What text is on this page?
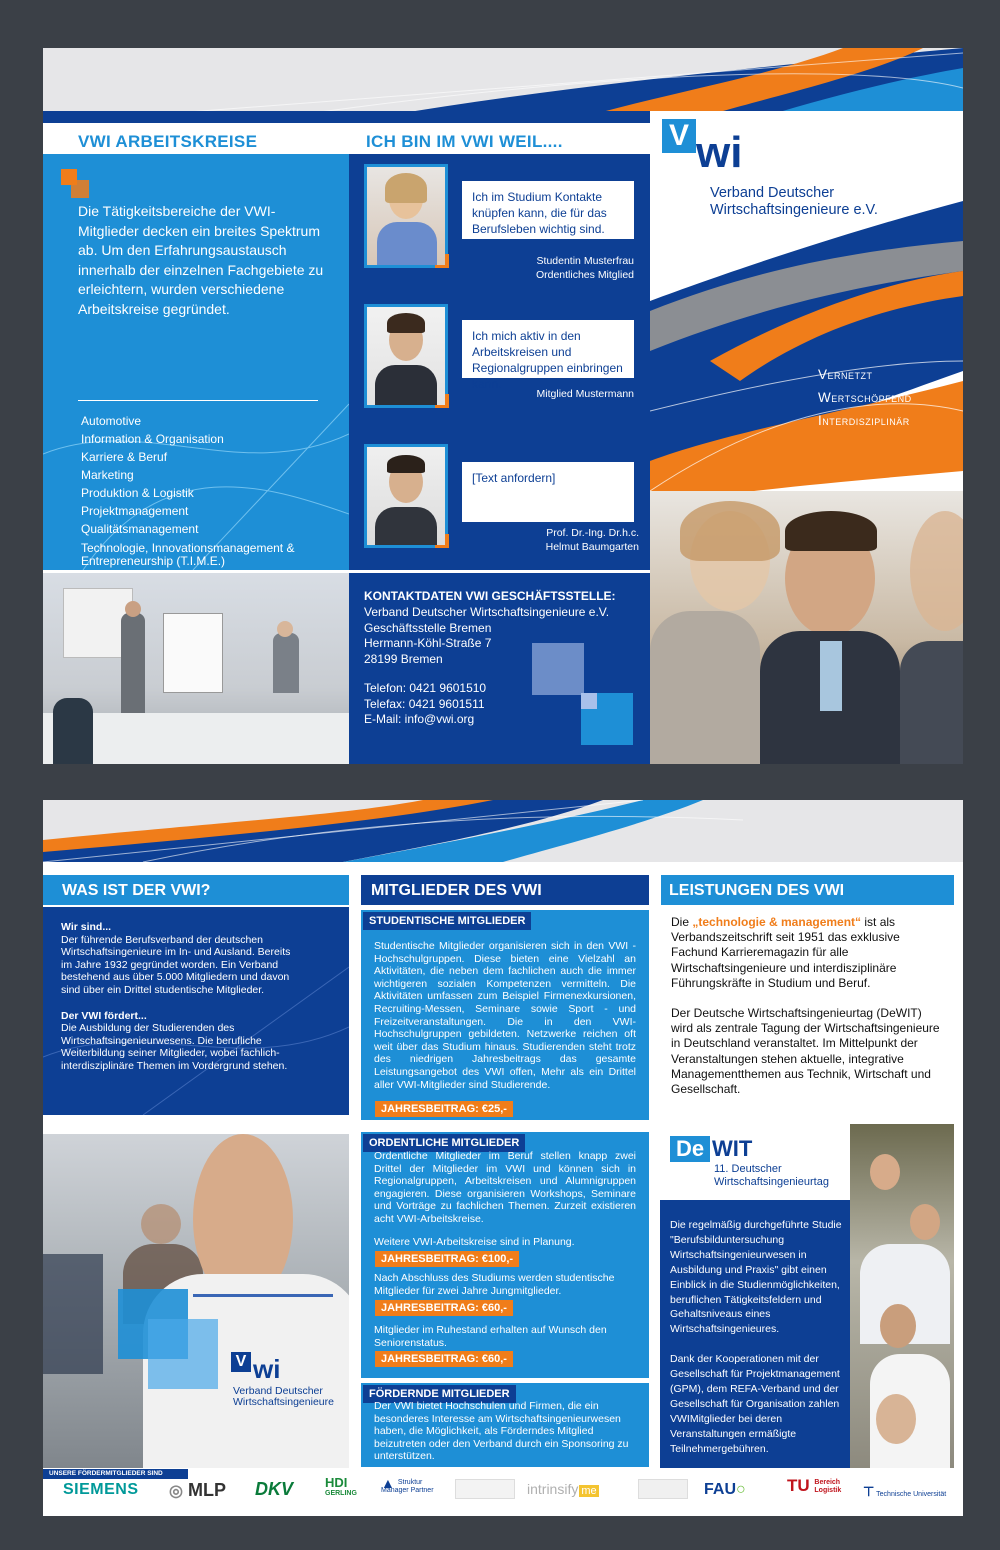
VWI ARBEITSKREISE

Die Tätigkeitsbereiche der VWI-Mitglieder decken ein breites Spektrum ab. Um den Erfahrungsaustausch innerhalb der einzelnen Fachgebiete zu erleichtern, wurden verschiedene Arbeitskreise gegründet.

Automotive
Information & Organisation
Karriere & Beruf
Marketing
Produktion & Logistik
Projektmanagement
Qualitätsmanagement
Technologie, Innovationsmanagement & Entrepreneurship (T.I.M.E.)
ICH BIN IM VWI WEIL....
Ich im Studium Kontakte knüpfen kann, die für das Berufsleben wichtig sind.
Studentin Musterfrau
Ordentliches Mitglied
Ich mich aktiv in den Arbeitskreisen und Regionalgruppen einbringen kann.
Mitglied Mustermann
[Text anfordern]
Prof. Dr.-Ing. Dr.h.c.
Helmut Baumgarten
KONTAKTDATEN VWI GESCHÄFTSSTELLE:
Verband Deutscher Wirtschaftsingenieure e.V.
Geschäftsstelle Bremen
Hermann-Köhl-Straße 7
28199 Bremen
Telefon: 0421 9601510
Telefax: 0421 9601511
E-Mail: info@vwi.org
V wi
Verband Deutscher
Wirtschaftsingenieure e.V.
Vernetzt
Wertschöpfend
Interdisziplinär
WAS IST DER VWI?
Wir sind...
Der führende Berufsverband der deutschen Wirtschaftsingenieure im In- und Ausland. Bereits im Jahre 1932 gegründet worden. Ein Verband bestehend aus über 5.000 Mitgliedern und davon sind über ein Drittel studentische Mitglieder.
Der VWI fördert...
Die Ausbildung der Studierenden des Wirtschaftsingenieurwesens. Die berufliche Weiterbildung seiner Mitglieder, wobei fachlich-interdisziplinäre Themen im Vordergrund stehen.
V wi
Verband Deutscher
Wirtschaftsingenieure
MITGLIEDER DES VWI
STUDENTISCHE MITGLIEDER
Studentische Mitglieder organisieren sich in den VWI - Hochschulgruppen. Diese bieten eine Vielzahl an Aktivitäten, die neben dem fachlichen auch die immer wichtigeren sozialen Kompetenzen vermitteln. Die Aktivitäten umfassen zum Beispiel Firmenexkursionen, Recruiting-Messen, Seminare sowie Sport - und Freizeitveranstaltungen. Die in den VWI-Hochschulgruppen gebildeten. Netzwerke reichen oft weit über das Studium hinaus. Studierenden steht trotz des niedrigen Jahresbeitrags das gesamte Leistungsangebot des VWI offen, Mehr als ein Drittel aller VWI-Mitglieder sind Studierende.
JAHRESBEITRAG: €25,-
ORDENTLICHE MITGLIEDER
Ordentliche Mitglieder im Beruf stellen knapp zwei Drittel der Mitglieder im VWI und können sich in Regionalgruppen, Arbeitskreisen und Alumnigruppen engagieren. Diese organisieren Workshops, Seminare und Vorträge zu fachlichen Themen. Zurzeit existieren acht VWI-Arbeitskreise.
Weitere VWI-Arbeitskreise sind in Planung.
JAHRESBEITRAG: €100,-
Nach Abschluss des Studiums werden studentische Mitglieder für zwei Jahre Jungmitglieder.
JAHRESBEITRAG: €60,-
Mitglieder im Ruhestand erhalten auf Wunsch den Seniorenstatus.
JAHRESBEITRAG: €60,-
FÖRDERNDE MITGLIEDER
Der VWI bietet Hochschulen und Firmen, die ein besonderes Interesse am Wirtschaftsingenieurwesen haben, die Möglichkeit, als Förderndes Mitglied beizutreten oder den Verband durch ein Sponsoring zu unterstützen.
LEISTUNGEN DES VWI
Die „technologie & management“ ist als Verbandszeitschrift seit 1951 das exklusive Fachund Karrieremagazin für alle Wirtschaftsingenieure und interdisziplinäre Führungskräfte in Studium und Beruf.
Der Deutsche Wirtschaftsingenieurtag (DeWIT) wird als zentrale Tagung der Wirtschaftsingenieure in Deutschland veranstaltet. Im Mittelpunkt der Veranstaltungen stehen aktuelle, integrative Managementthemen aus Technik, Wirtschaft und Gesellschaft.
De WIT
11. Deutscher
Wirtschaftsingenieurtag
Die regelmäßig durchgeführte Studie "Berufsbilduntersuchung Wirtschaftsingenieurwesen in Ausbildung und Praxis" gibt einen Einblick in die Studienmöglichkeiten, beruflichen Tätigkeitsfeldern und Gehaltsniveaus eines Wirtschaftsingenieures.
Dank der Kooperationen mit der Gesellschaft für Projektmanagement (GPM), dem REFA-Verband und der Gesellschaft für Organisation zahlen VWIMitglieder bei deren Veranstaltungen ermäßigte Teilnehmergebühren.
UNSERE FÖRDERMITGLIEDER SIND
SIEMENS ◎ MLP DKV HDI
GERLING
▲ Struktur Manager Partner	intrinsify me	FAU○ TU Bereich Logistik	⊤ Technische Universität
